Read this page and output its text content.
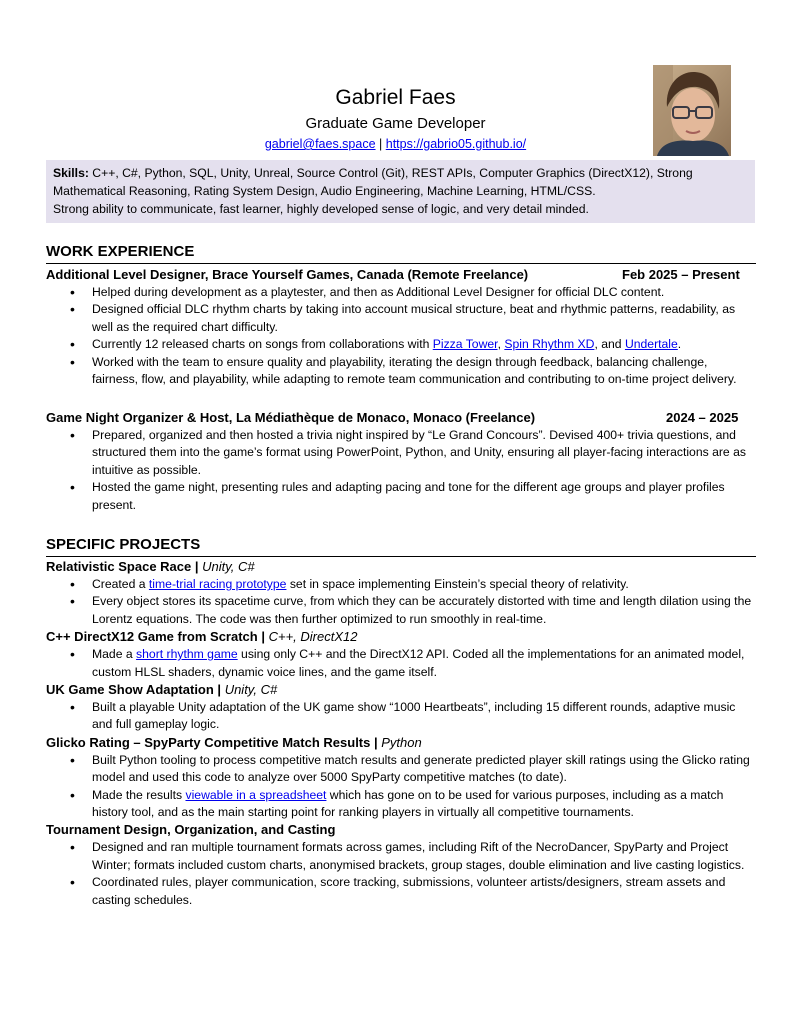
Gabriel Faes
Graduate Game Developer
gabriel@faes.space | https://gabrio05.github.io/
Skills: C++, C#, Python, SQL, Unity, Unreal, Source Control (Git), REST APIs, Computer Graphics (DirectX12), Strong Mathematical Reasoning, Rating System Design, Audio Engineering, Machine Learning, HTML/CSS.
Strong ability to communicate, fast learner, highly developed sense of logic, and very detail minded.
WORK EXPERIENCE
Additional Level Designer, Brace Yourself Games, Canada (Remote Freelance)	Feb 2025 – Present
• Helped during development as a playtester, and then as Additional Level Designer for official DLC content.
• Designed official DLC rhythm charts by taking into account musical structure, beat and rhythmic patterns, readability, as well as the required chart difficulty.
• Currently 12 released charts on songs from collaborations with Pizza Tower, Spin Rhythm XD, and Undertale.
• Worked with the team to ensure quality and playability, iterating the design through feedback, balancing challenge, fairness, flow, and playability, while adapting to remote team communication and contributing to on-time project delivery.
Game Night Organizer & Host, La Médiathèque de Monaco, Monaco (Freelance)	2024 – 2025
• Prepared, organized and then hosted a trivia night inspired by “Le Grand Concours”. Devised 400+ trivia questions, and structured them into the game’s format using PowerPoint, Python, and Unity, ensuring all player-facing interactions are as intuitive as possible.
• Hosted the game night, presenting rules and adapting pacing and tone for the different age groups and player profiles present.
SPECIFIC PROJECTS
Relativistic Space Race | Unity, C#
• Created a time-trial racing prototype set in space implementing Einstein’s special theory of relativity.
• Every object stores its spacetime curve, from which they can be accurately distorted with time and length dilation using the Lorentz equations. The code was then further optimized to run smoothly in real-time.
C++ DirectX12 Game from Scratch | C++, DirectX12
• Made a short rhythm game using only C++ and the DirectX12 API. Coded all the implementations for an animated model, custom HLSL shaders, dynamic voice lines, and the game itself.
UK Game Show Adaptation | Unity, C#
• Built a playable Unity adaptation of the UK game show “1000 Heartbeats”, including 15 different rounds, adaptive music and full gameplay logic.
Glicko Rating – SpyParty Competitive Match Results | Python
• Built Python tooling to process competitive match results and generate predicted player skill ratings using the Glicko rating model and used this code to analyze over 5000 SpyParty competitive matches (to date).
• Made the results viewable in a spreadsheet which has gone on to be used for various purposes, including as a match history tool, and as the main starting point for ranking players in virtually all competitive tournaments.
Tournament Design, Organization, and Casting
• Designed and ran multiple tournament formats across games, including Rift of the NecroDancer, SpyParty and Project Winter; formats included custom charts, anonymised brackets, group stages, double elimination and live casting logistics.
• Coordinated rules, player communication, score tracking, submissions, volunteer artists/designers, stream assets and casting schedules.
